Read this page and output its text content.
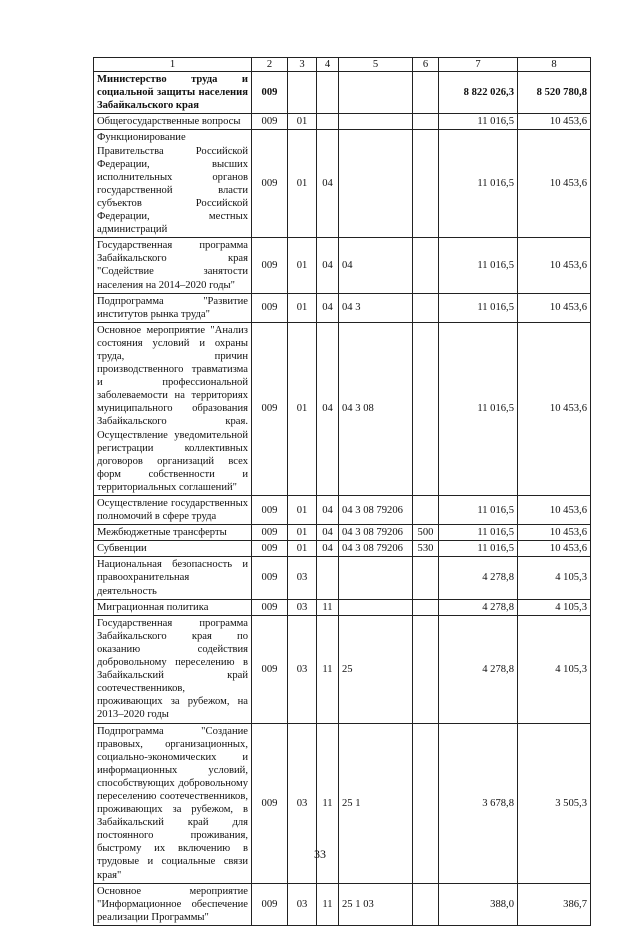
1	2	3	4	5	6	7	8
Министерство труда и социальной защиты населения Забайкальского края	009					8 822 026,3	8 520 780,8
Общегосударственные вопросы	009	01				11 016,5	10 453,6
Функционирование Правительства Российской Федерации, высших исполнительных органов государственной власти субъектов Российской Федерации, местных администраций	009	01	04			11 016,5	10 453,6
Государственная программа Забайкальского края "Содействие занятости населения на 2014–2020 годы"	009	01	04	04		11 016,5	10 453,6
Подпрограмма "Развитие институтов рынка труда"	009	01	04	04 3		11 016,5	10 453,6
Основное мероприятие "Анализ состояния условий и охраны труда, причин производственного травматизма и профессиональной заболеваемости на территориях муниципального образования Забайкальского края. Осуществление уведомительной регистрации коллективных договоров организаций всех форм собственности и территориальных соглашений"	009	01	04	04 3 08		11 016,5	10 453,6
Осуществление государственных полномочий в сфере труда	009	01	04	04 3 08 79206		11 016,5	10 453,6
Межбюджетные трансферты	009	01	04	04 3 08 79206	500	11 016,5	10 453,6
Субвенции	009	01	04	04 3 08 79206	530	11 016,5	10 453,6
Национальная безопасность и правоохранительная деятельность	009	03				4 278,8	4 105,3
Миграционная политика	009	03	11			4 278,8	4 105,3
Государственная программа Забайкальского края по оказанию содействия добровольному переселению в Забайкальский край соотечественников, проживающих за рубежом, на 2013–2020 годы	009	03	11	25		4 278,8	4 105,3
Подпрограмма "Создание правовых, организационных, социально-экономических и информационных условий, способствующих добровольному переселению соотечественников, проживающих за рубежом, в Забайкальский край для постоянного проживания, быстрому их включению в трудовые и социальные связи края"	009	03	11	25 1		3 678,8	3 505,3
Основное мероприятие "Информационное обеспечение реализации Программы"	009	03	11	25 1 03		388,0	386,7
33
